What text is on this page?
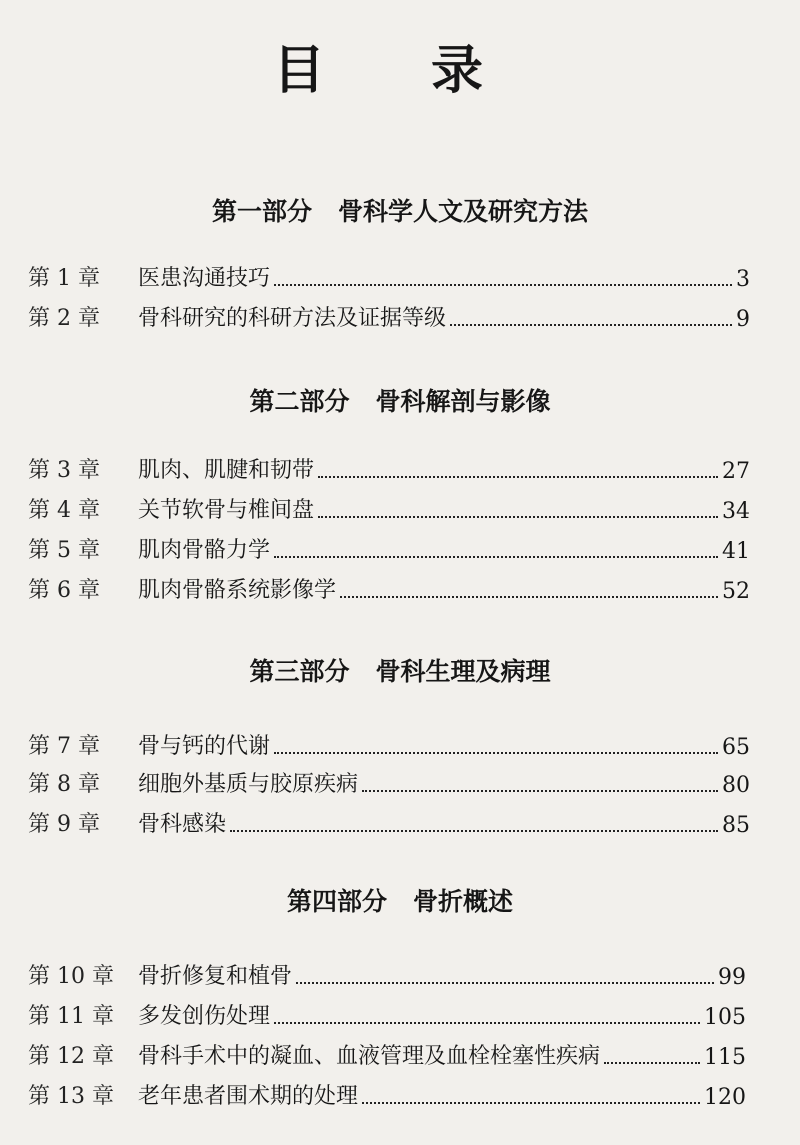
目 录
第一部分   骨科学人文及研究方法
第 1 章	医患沟通技巧	3
第 2 章	骨科研究的科研方法及证据等级	9
第二部分   骨科解剖与影像
第 3 章	肌肉、肌腱和韧带	27
第 4 章	关节软骨与椎间盘	34
第 5 章	肌肉骨骼力学	41
第 6 章	肌肉骨骼系统影像学	52
第三部分   骨科生理及病理
第 7 章	骨与钙的代谢	65
第 8 章	细胞外基质与胶原疾病	80
第 9 章	骨科感染	85
第四部分   骨折概述
第 10 章	骨折修复和植骨	99
第 11 章	多发创伤处理	105
第 12 章	骨科手术中的凝血、血液管理及血栓栓塞性疾病	115
第 13 章	老年患者围术期的处理	120
